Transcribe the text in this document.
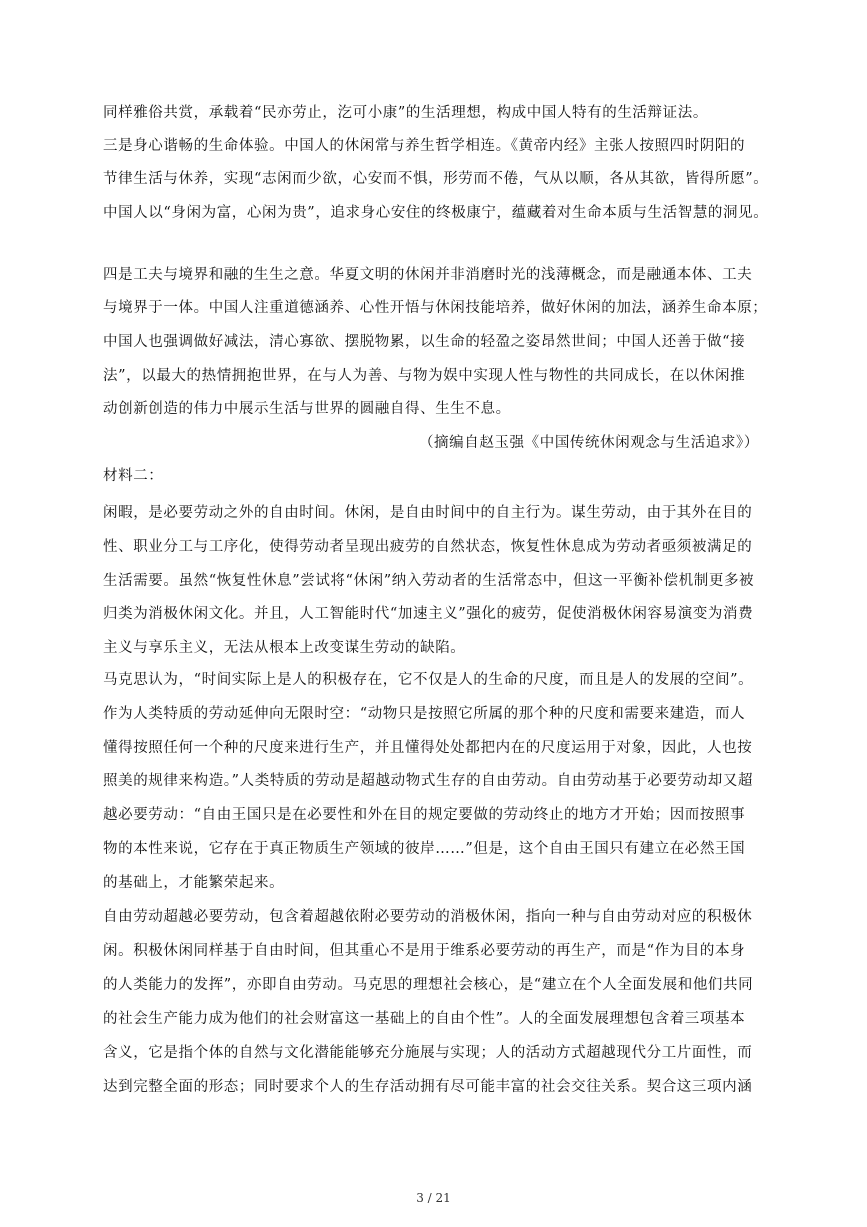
同样雅俗共赏，承载着“民亦劳止，汔可小康”的生活理想，构成中国人特有的生活辩证法。
三是身心谐畅的生命体验。中国人的休闲常与养生哲学相连。《黄帝内经》主张人按照四时阴阳的
节律生活与休养，实现“志闲而少欲，心安而不惧，形劳而不倦，气从以顺，各从其欲，皆得所愿”。
中国人以“身闲为富，心闲为贵”，追求身心安住的终极康宁，蕴藏着对生命本质与生活智慧的洞见。
四是工夫与境界和融的生生之意。华夏文明的休闲并非消磨时光的浅薄概念，而是融通本体、工夫
与境界于一体。中国人注重道德涵养、心性开悟与休闲技能培养，做好休闲的加法，涵养生命本原；
中国人也强调做好减法，清心寡欲、摆脱物累，以生命的轻盈之姿昂然世间；中国人还善于做“接
法”，以最大的热情拥抱世界，在与人为善、与物为娱中实现人性与物性的共同成长，在以休闲推
动创新创造的伟力中展示生活与世界的圆融自得、生生不息。
（摘编自赵玉强《中国传统休闲观念与生活追求》）
材料二：
闲暇，是必要劳动之外的自由时间。休闲，是自由时间中的自主行为。谋生劳动，由于其外在目的
性、职业分工与工序化，使得劳动者呈现出疲劳的自然状态，恢复性休息成为劳动者亟须被满足的
生活需要。虽然“恢复性休息”尝试将“休闲”纳入劳动者的生活常态中，但这一平衡补偿机制更多被
归类为消极休闲文化。并且，人工智能时代“加速主义”强化的疲劳，促使消极休闲容易演变为消费
主义与享乐主义，无法从根本上改变谋生劳动的缺陷。
马克思认为，“时间实际上是人的积极存在，它不仅是人的生命的尺度，而且是人的发展的空间”。
作为人类特质的劳动延伸向无限时空：“动物只是按照它所属的那个种的尺度和需要来建造，而人
懂得按照任何一个种的尺度来进行生产，并且懂得处处都把内在的尺度运用于对象，因此，人也按
照美的规律来构造。”人类特质的劳动是超越动物式生存的自由劳动。自由劳动基于必要劳动却又超
越必要劳动：“自由王国只是在必要性和外在目的规定要做的劳动终止的地方才开始；因而按照事
物的本性来说，它存在于真正物质生产领域的彼岸……”但是，这个自由王国只有建立在必然王国
的基础上，才能繁荣起来。
自由劳动超越必要劳动，包含着超越依附必要劳动的消极休闲，指向一种与自由劳动对应的积极休
闲。积极休闲同样基于自由时间，但其重心不是用于维系必要劳动的再生产，而是“作为目的本身
的人类能力的发挥”，亦即自由劳动。马克思的理想社会核心，是“建立在个人全面发展和他们共同
的社会生产能力成为他们的社会财富这一基础上的自由个性”。人的全面发展理想包含着三项基本
含义，它是指个体的自然与文化潜能能够充分施展与实现；人的活动方式超越现代分工片面性，而
达到完整全面的形态；同时要求个人的生存活动拥有尽可能丰富的社会交往关系。契合这三项内涵
3 / 21
